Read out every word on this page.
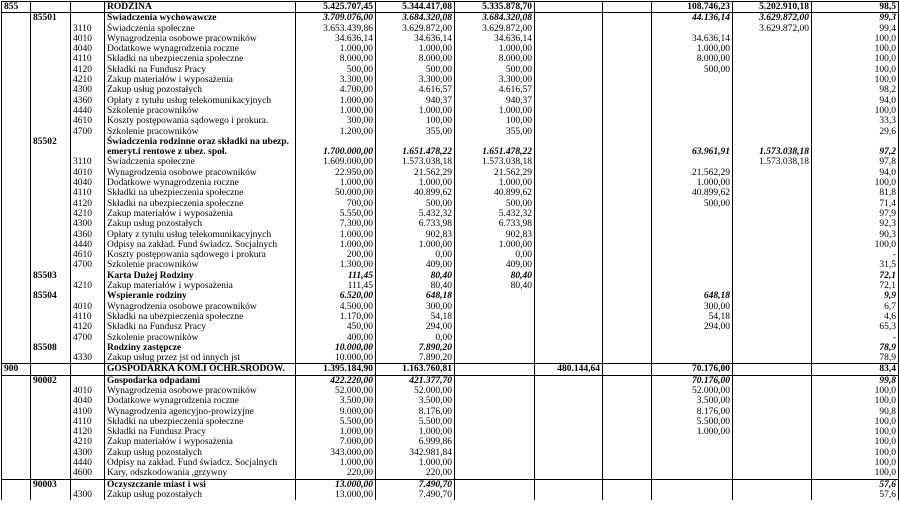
855			RODZINA	5.425.707,45	5.344.417,08	5.335.878,70			108.746,23	5.202.910,18	98,5
	85501		Świadczenia wychowawcze	3.709.076,00	3.684.320,08	3.684.320,08			44.136,14	3.629.872,00	99,3
		3110	Świadczenia społeczne	3.653.439,86	3.629.872,00	3.629.872,00				3.629.872,00	99,4
		4010	Wynagrodzenia osobowe pracowników	34.636,14	34.636,14	34.636,14			34.636,14		100,0
		4040	Dodatkowe wynagrodzenia roczne	1.000,00	1.000,00	1.000,00			1.000,00		100,0
		4110	Składki na ubezpieczenia społeczne	8.000,00	8.000,00	8.000,00			8.000,00		100,0
		4120	Składki na Fundusz Pracy	500,00	500,00	500,00			500,00		100,0
		4210	Zakup materiałów i wyposażenia	3.300,00	3.300,00	3.300,00					100,0
		4300	Zakup usług pozostałych	4.700,00	4.616,57	4.616,57					98,2
		4360	Opłaty z tytułu usług telekomunikacyjnych	1.000,00	940,37	940,37					94,0
		4440	Szkolenie pracowników	1.000,00	1.000,00	1.000,00					100,0
		4610	Koszty postępowania sądowego i prokura.	300,00	100,00	100,00					33,3
		4700	Szkolenie pracowników	1.200,00	355,00	355,00					29,6
	85502		Świadczenia rodzinne oraz składki na ubezp. emeryt.i rentowe z ubez. społ.	1.700.000,00	1.651.478,22	1.651.478,22			63.961,91	1.573.038,18	97,2
		3110	Świadczenia społeczne	1.609.000,00	1.573.038,18	1.573.038,18				1.573.038,18	97,8
		4010	Wynagrodzenia osobowe pracowników	22.950,00	21.562,29	21.562,29			21.562,29		94,0
		4040	Dodatkowe wynagrodzenia roczne	1.000,00	1.000,00	1.000,00			1.000,00		100,0
		4110	Składki na ubezpieczenia społeczne	50.000,00	40.899,62	40.899,62			40.899,62		81,8
		4120	Składki na ubezpieczenia społeczne	700,00	500,00	500,00			500,00		71,4
		4210	Zakup materiałów i wyposażenia	5.550,00	5.432,32	5.432,32					97,9
		4300	Zakup usług pozostałych	7.300,00	6.733,98	6.733,98					92,3
		4360	Opłaty z tytułu usług telekomunikacyjnych	1.000,00	902,83	902,83					90,3
		4440	Odpisy na zakład. Fund świadcz. Socjalnych	1.000,00	1.000,00	1.000,00					100,0
		4610	Koszty postępowania sądowego i prokura	200,00	0,00	0,00					-
		4700	Szkolenie pracowników	1.300,00	409,00	409,00					31,5
	85503		Karta Dużej Rodziny	111,45	80,40	80,40					72,1
		4210	Zakup materiałów i wyposażenia	111,45	80,40	80,40					72,1
	85504		Wspieranie rodziny	6.520,00	648,18				648,18		9,9
		4010	Wynagrodzenia osobowe pracowników	4.500,00	300,00				300,00		6,7
		4110	Składki na ubezpieczenia społeczne	1.170,00	54,18				54,18		4,6
		4120	Składki na Fundusz Pracy	450,00	294,00				294,00		65,3
		4700	Szkolenie pracowników	400,00	0,00						-
	85508		Rodziny zastępcze	10.000,00	7.890,20						78,9
		4330	Zakup usług przez jst od innych jst	10.000,00	7.890,20						78,9
900			GOSPODARKA KOM.I OCHR.ŚRODOW.	1.395.184,90	1.163.760,81		480.144,64		70.176,00		83,4
	90002		Gospodarka odpadami	422.220,00	421.377,70				70.176,00		99,8
		4010	Wynagrodzenia osobowe pracowników	52.000,00	52.000,00				52.000,00		100,0
		4040	Dodatkowe wynagrodzenia roczne	3.500,00	3.500,00				3.500,00		100,0
		4100	Wynagrodzenia agencyjno-prowizyjne	9.000,00	8.176,00				8.176,00		90,8
		4110	Składki na ubezpieczenia społeczne	5.500,00	5.500,00				5.500,00		100,0
		4120	Składki na Fundusz Pracy	1.000,00	1.000,00				1.000,00		100,0
		4210	Zakup materiałów i wyposażenia	7.000,00	6.999,86						100,0
		4300	Zakup usług pozostałych	343.000,00	342.981,84						100,0
		4440	Odpisy na zakład. Fund świadcz. Socjalnych	1.000,00	1.000,00						100,0
		4600	Kary, odszkodowania ,grzywny	220,00	220,00						100,0
	90003		Oczyszczanie miast i wsi	13.000,00	7.490,70						57,6
		4300	Zakup usług pozostałych	13.000,00	7.490,70						57,6
